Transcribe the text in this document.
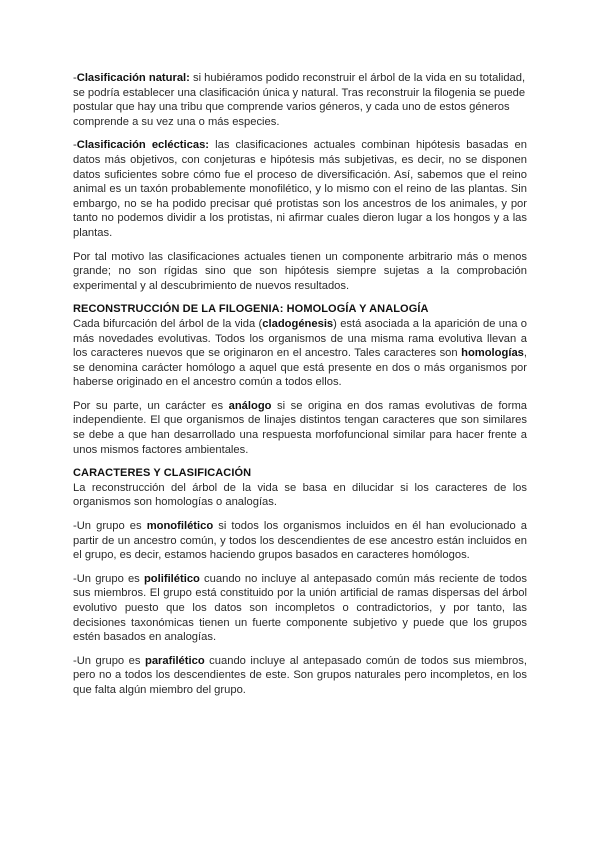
-Clasificación natural: si hubiéramos podido reconstruir el árbol de la vida en su totalidad, se podría establecer una clasificación única y natural. Tras reconstruir la filogenia se puede postular que hay una tribu que comprende varios géneros, y cada uno de estos géneros comprende a su vez una o más especies.

-Clasificación eclécticas: las clasificaciones actuales combinan hipótesis basadas en datos más objetivos, con conjeturas e hipótesis más subjetivas, es decir, no se disponen datos suficientes sobre cómo fue el proceso de diversificación. Así, sabemos que el reino animal es un taxón probablemente monofilético, y lo mismo con el reino de las plantas. Sin embargo, no se ha podido precisar qué protistas son los ancestros de los animales, y por tanto no podemos dividir a los protistas, ni afirmar cuales dieron lugar a los hongos y a las plantas.

Por tal motivo las clasificaciones actuales tienen un componente arbitrario más o menos grande; no son rígidas sino que son hipótesis siempre sujetas a la comprobación experimental y al descubrimiento de nuevos resultados.

RECONSTRUCCIÓN DE LA FILOGENIA: HOMOLOGÍA Y ANALOGÍA

Cada bifurcación del árbol de la vida (cladogénesis) está asociada a la aparición de una o más novedades evolutivas. Todos los organismos de una misma rama evolutiva llevan a los caracteres nuevos que se originaron en el ancestro. Tales caracteres son homologías, se denomina carácter homólogo a aquel que está presente en dos o más organismos por haberse originado en el ancestro común a todos ellos.

Por su parte, un carácter es análogo si se origina en dos ramas evolutivas de forma independiente. El que organismos de linajes distintos tengan caracteres que son similares se debe a que han desarrollado una respuesta morfofuncional similar para hacer frente a unos mismos factores ambientales.

CARACTERES Y CLASIFICACIÓN

La reconstrucción del árbol de la vida se basa en dilucidar si los caracteres de los organismos son homologías o analogías.

-Un grupo es monofilético si todos los organismos incluidos en él han evolucionado a partir de un ancestro común, y todos los descendientes de ese ancestro están incluidos en el grupo, es decir, estamos haciendo grupos basados en caracteres homólogos.

-Un grupo es polifilético cuando no incluye al antepasado común más reciente de todos sus miembros. El grupo está constituido por la unión artificial de ramas dispersas del árbol evolutivo puesto que los datos son incompletos o contradictorios, y por tanto, las decisiones taxonómicas tienen un fuerte componente subjetivo y puede que los grupos estén basados en analogías.

-Un grupo es parafilético cuando incluye al antepasado común de todos sus miembros, pero no a todos los descendientes de este. Son grupos naturales pero incompletos, en los que falta algún miembro del grupo.
